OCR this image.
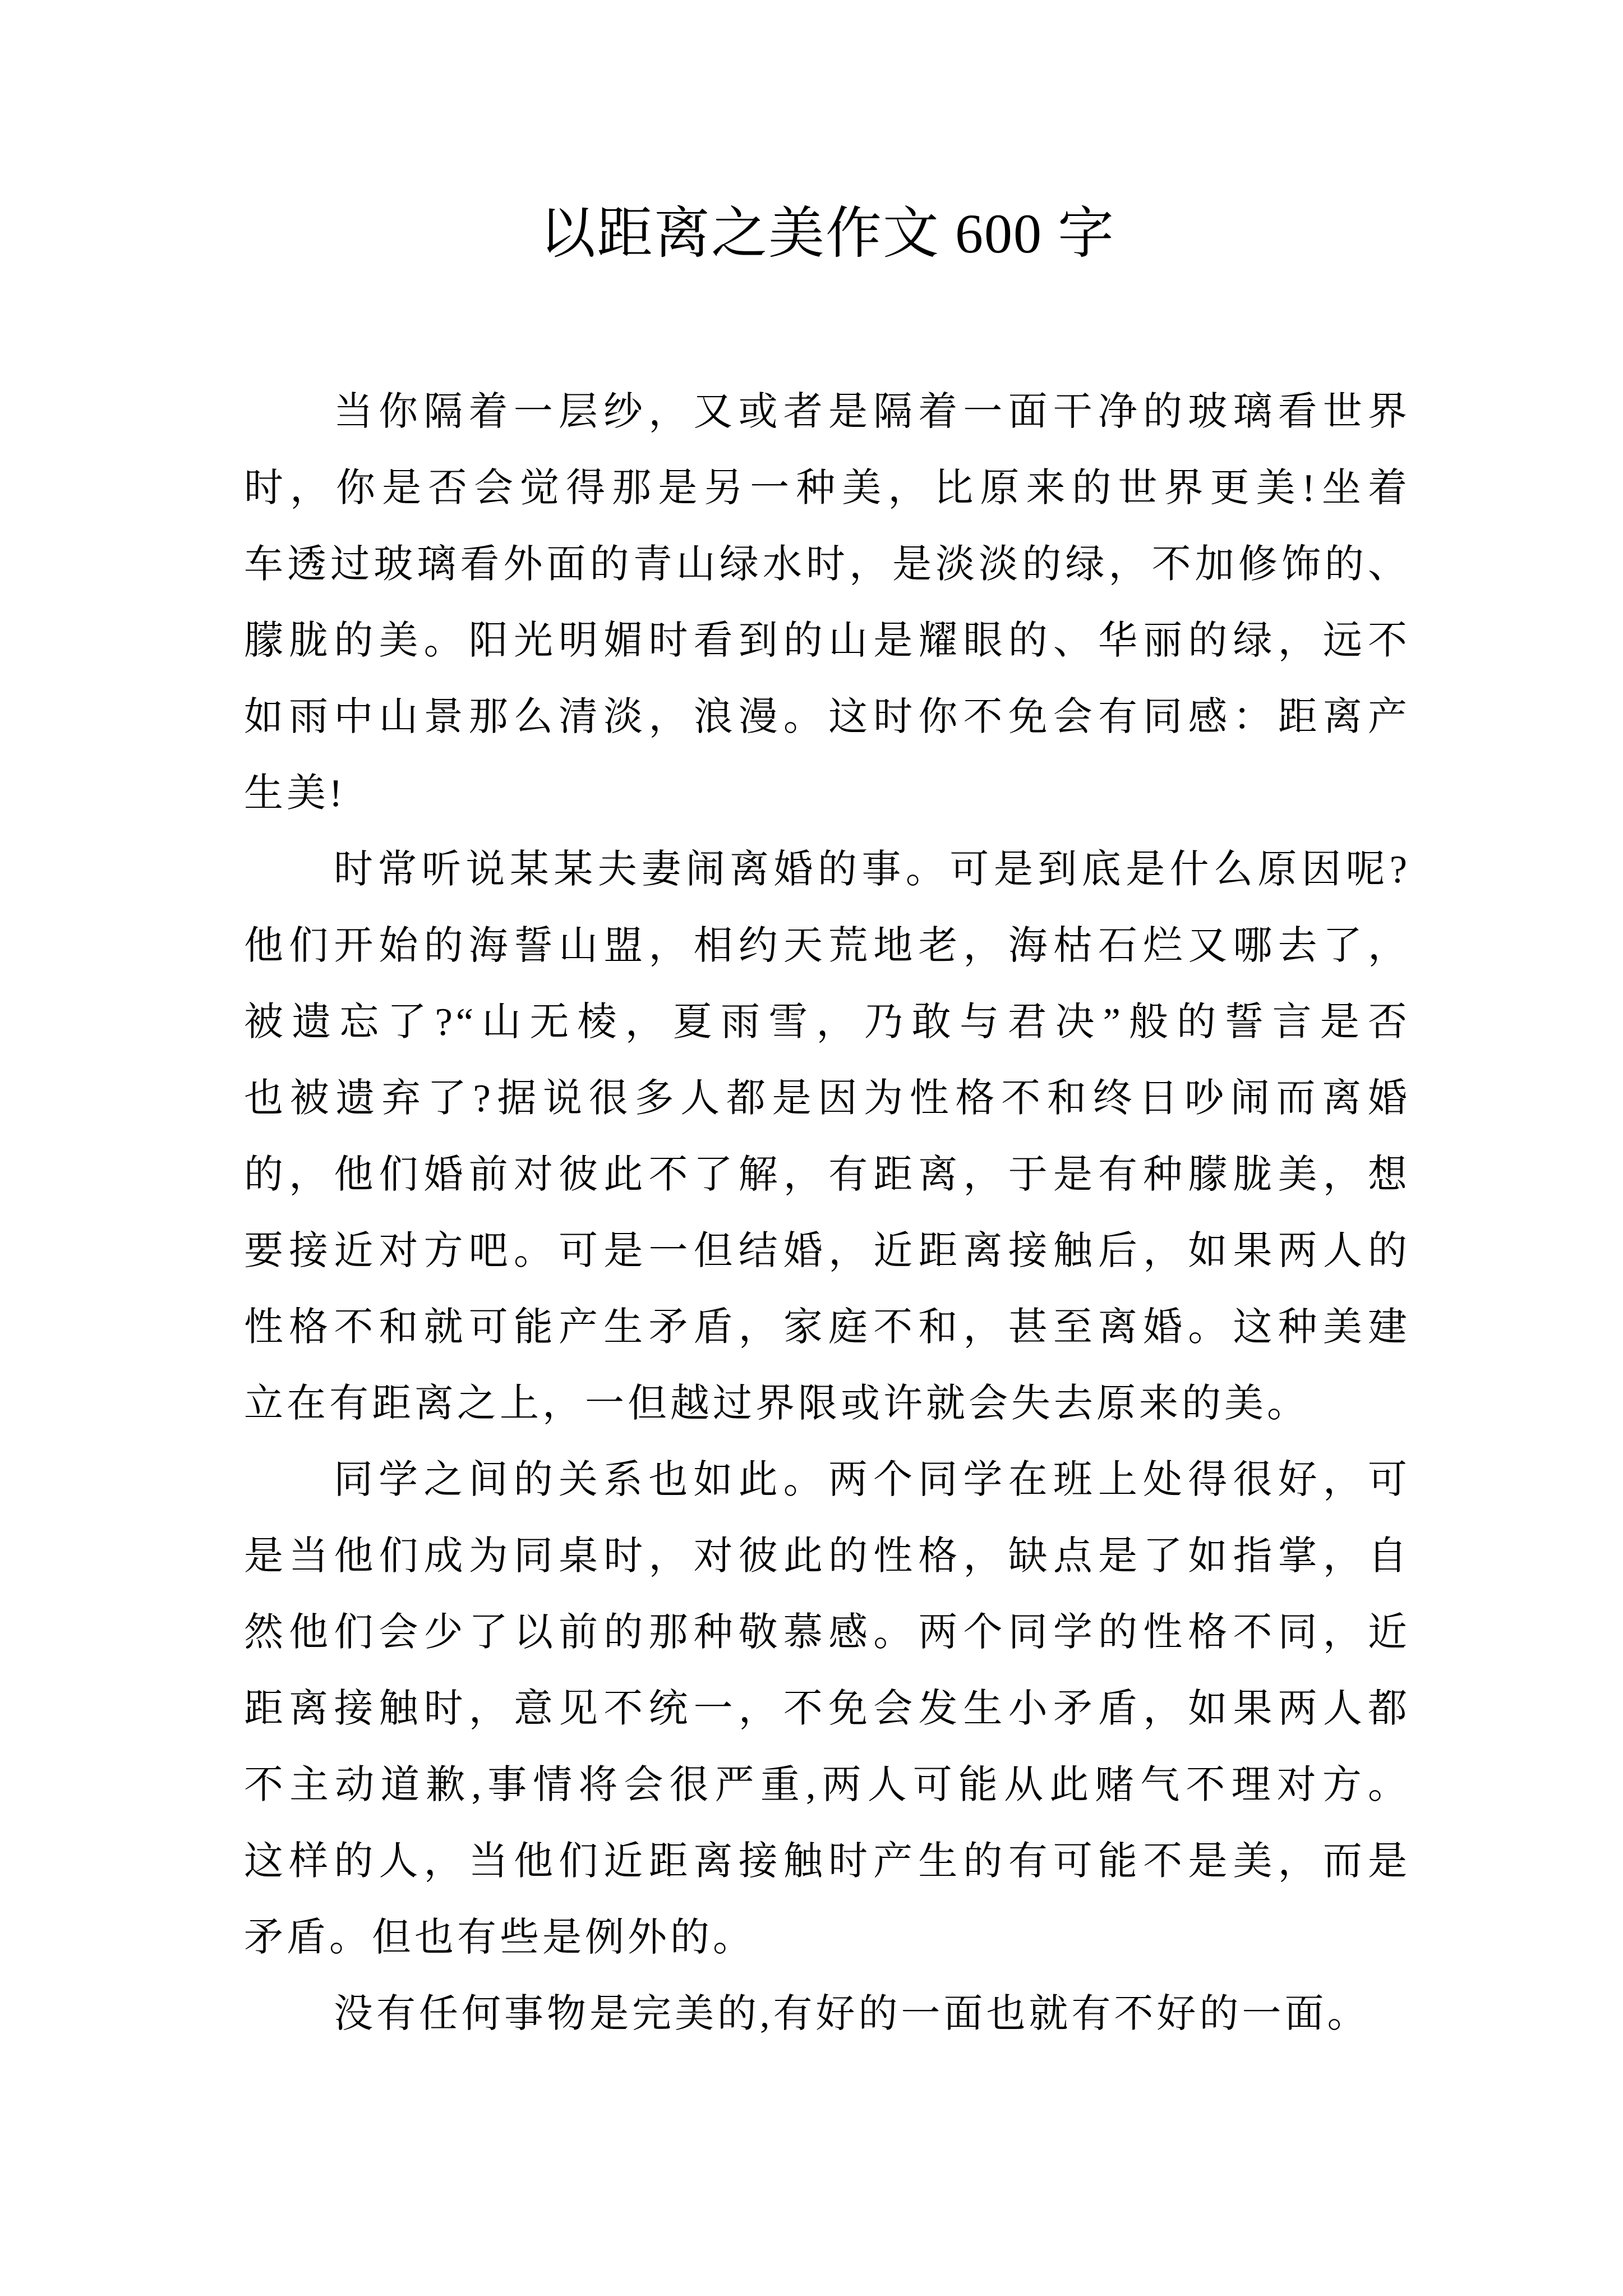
以距离之美作文 600 字
当你隔着一层纱，又或者是隔着一面干净的玻璃看世界
时，你是否会觉得那是另一种美，比原来的世界更美!坐着
车透过玻璃看外面的青山绿水时，是淡淡的绿，不加修饰的、
朦胧的美。阳光明媚时看到的山是耀眼的、华丽的绿，远不
如雨中山景那么清淡，浪漫。这时你不免会有同感：距离产
生美!
时常听说某某夫妻闹离婚的事。可是到底是什么原因呢?
他们开始的海誓山盟，相约天荒地老，海枯石烂又哪去了，
被遗忘了?“山无棱，夏雨雪，乃敢与君决”般的誓言是否
也被遗弃了?据说很多人都是因为性格不和终日吵闹而离婚
的，他们婚前对彼此不了解，有距离，于是有种朦胧美，想
要接近对方吧。可是一但结婚，近距离接触后，如果两人的
性格不和就可能产生矛盾，家庭不和，甚至离婚。这种美建
立在有距离之上，一但越过界限或许就会失去原来的美。
同学之间的关系也如此。两个同学在班上处得很好，可
是当他们成为同桌时，对彼此的性格，缺点是了如指掌，自
然他们会少了以前的那种敬慕感。两个同学的性格不同，近
距离接触时，意见不统一，不免会发生小矛盾，如果两人都
不主动道歉,事情将会很严重,两人可能从此赌气不理对方。
这样的人，当他们近距离接触时产生的有可能不是美，而是
矛盾。但也有些是例外的。
没有任何事物是完美的,有好的一面也就有不好的一面。
